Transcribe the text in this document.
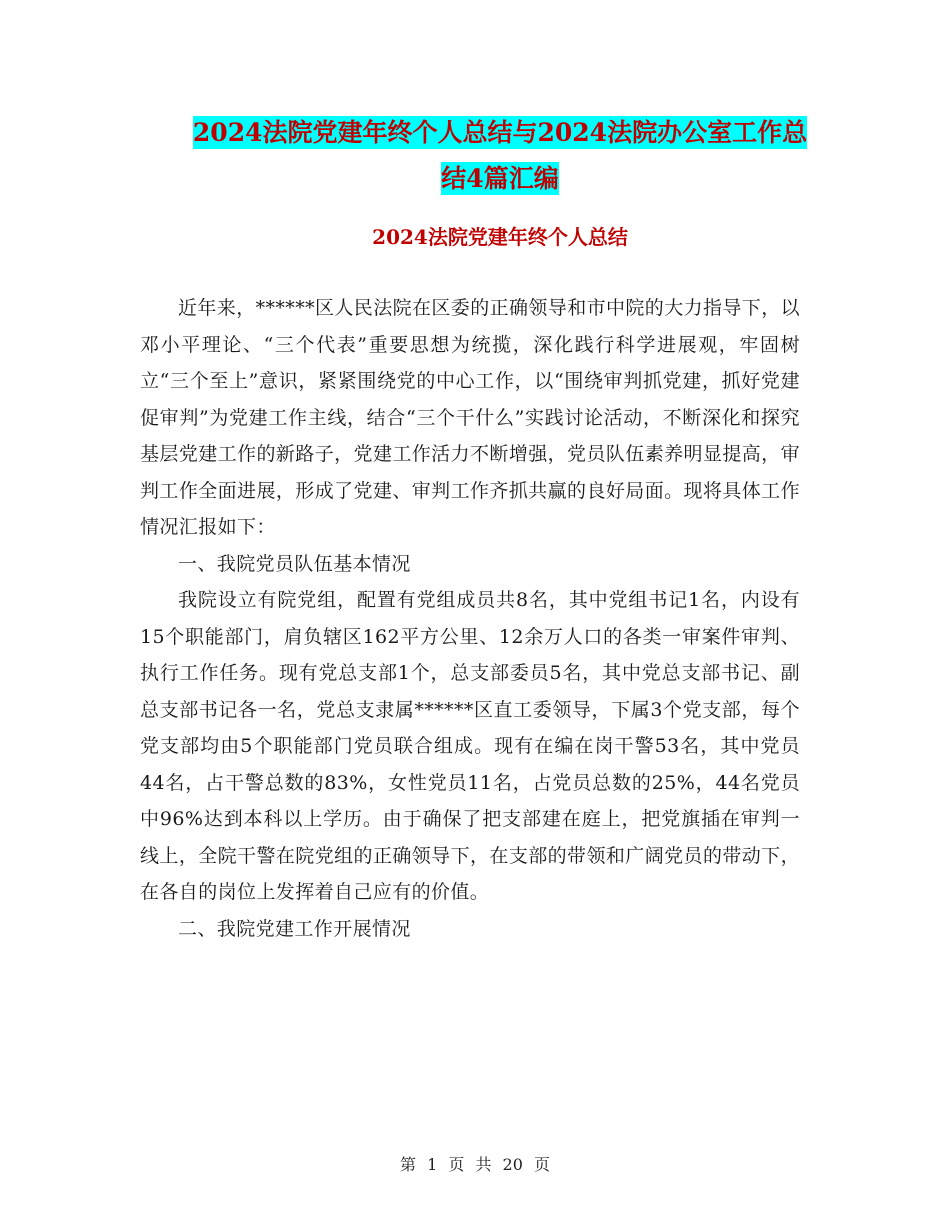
2024法院党建年终个人总结与2024法院办公室工作总
结4篇汇编
2024法院党建年终个人总结

近年来，******区人民法院在区委的正确领导和市中院的大力指导下，以邓小平理论、“三个代表”重要思想为统揽，深化践行科学进展观，牢固树立“三个至上”意识，紧紧围绕党的中心工作，以“围绕审判抓党建，抓好党建促审判”为党建工作主线，结合“三个干什么”实践讨论活动，不断深化和探究基层党建工作的新路子，党建工作活力不断增强，党员队伍素养明显提高，审判工作全面进展，形成了党建、审判工作齐抓共赢的良好局面。现将具体工作情况汇报如下：

一、我院党员队伍基本情况

我院设立有院党组，配置有党组成员共8名，其中党组书记1名，内设有15个职能部门，肩负辖区162平方公里、12余万人口的各类一审案件审判、执行工作任务。现有党总支部1个，总支部委员5名，其中党总支部书记、副总支部书记各一名，党总支隶属******区直工委领导，下属3个党支部，每个党支部均由5个职能部门党员联合组成。现有在编在岗干警53名，其中党员44名，占干警总数的83%，女性党员11名，占党员总数的25%，44名党员中96%达到本科以上学历。由于确保了把支部建在庭上，把党旗插在审判一线上，全院干警在院党组的正确领导下，在支部的带领和广阔党员的带动下，在各自的岗位上发挥着自己应有的价值。

二、我院党建工作开展情况

第 1 页 共 20 页
